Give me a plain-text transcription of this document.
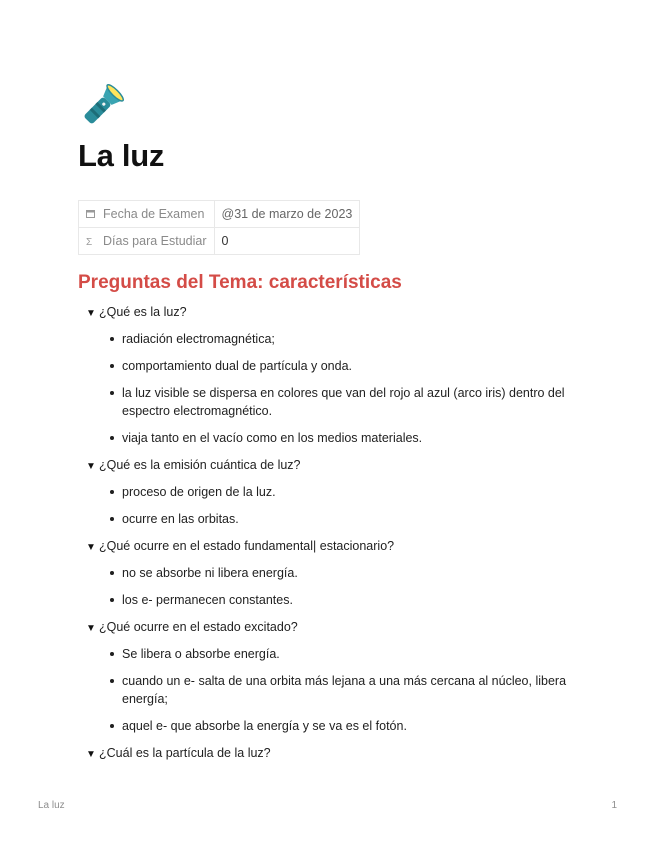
La luz
Fecha de Examen	@31 de marzo de 2023
Σ Días para Estudiar	0
Preguntas del Tema: características
▼ ¿Qué es la luz?
radiación electromagnética;
comportamiento dual de partícula y onda.
la luz visible se dispersa en colores que van del rojo al azul (arco iris) dentro del espectro electromagnético.
viaja tanto en el vacío como en los medios materiales.
▼ ¿Qué es la emisión cuántica de luz?
proceso de origen de la luz.
ocurre en las orbitas.
▼ ¿Qué ocurre en el estado fundamental| estacionario?
no se absorbe ni libera energía.
los e- permanecen constantes.
▼ ¿Qué ocurre en el estado excitado?
Se libera o absorbe energía.
cuando un e- salta de una orbita más lejana a una más cercana al núcleo, libera energía;
aquel e- que absorbe la energía y se va es el fotón.
▼ ¿Cuál es la partícula de la luz?
La luz	1
